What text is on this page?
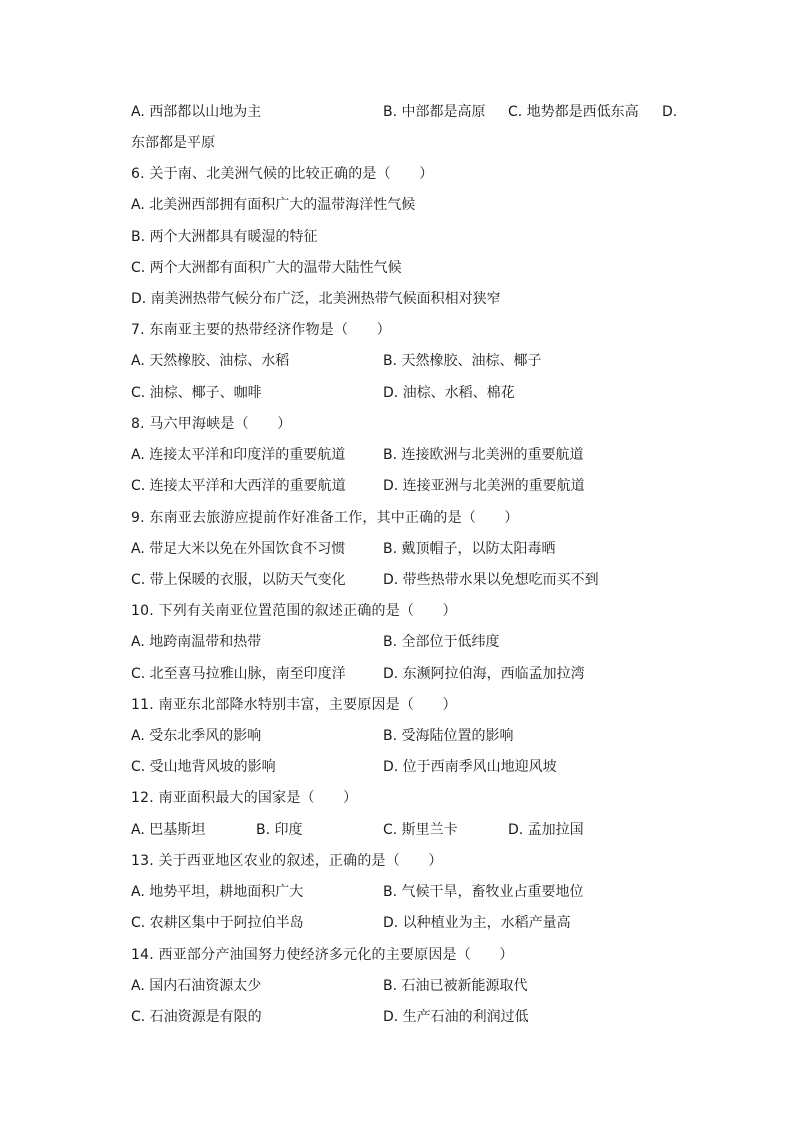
A. 西部都以山地为主	B. 中部都是高原 C. 地势都是西低东高 D.
东部都是平原
6. 关于南、北美洲气候的比较正确的是（　　）
A. 北美洲西部拥有面积广大的温带海洋性气候
B. 两个大洲都具有暖湿的特征
C. 两个大洲都有面积广大的温带大陆性气候
D. 南美洲热带气候分布广泛，北美洲热带气候面积相对狭窄
7. 东南亚主要的热带经济作物是（　　）
A. 天然橡胶、油棕、水稻	B. 天然橡胶、油棕、椰子
C. 油棕、椰子、咖啡	D. 油棕、水稻、棉花
8. 马六甲海峡是（　　）
A. 连接太平洋和印度洋的重要航道	B. 连接欧洲与北美洲的重要航道
C. 连接太平洋和大西洋的重要航道	D. 连接亚洲与北美洲的重要航道
9. 东南亚去旅游应提前作好准备工作，其中正确的是（　　）
A. 带足大米以免在外国饮食不习惯	B. 戴顶帽子，以防太阳毒晒
C. 带上保暖的衣服，以防天气变化	D. 带些热带水果以免想吃而买不到
10. 下列有关南亚位置范围的叙述正确的是（　　）
A. 地跨南温带和热带	B. 全部位于低纬度
C. 北至喜马拉雅山脉，南至印度洋	D. 东濒阿拉伯海，西临孟加拉湾
11. 南亚东北部降水特别丰富，主要原因是（　　）
A. 受东北季风的影响	B. 受海陆位置的影响
C. 受山地背风坡的影响	D. 位于西南季风山地迎风坡
12. 南亚面积最大的国家是（　　）
A. 巴基斯坦	B. 印度	C. 斯里兰卡	D. 孟加拉国
13. 关于西亚地区农业的叙述，正确的是（　　）
A. 地势平坦，耕地面积广大	B. 气候干旱，畜牧业占重要地位
C. 农耕区集中于阿拉伯半岛	D. 以种植业为主，水稻产量高
14. 西亚部分产油国努力使经济多元化的主要原因是（　　）
A. 国内石油资源太少	B. 石油已被新能源取代
C. 石油资源是有限的	D. 生产石油的利润过低
